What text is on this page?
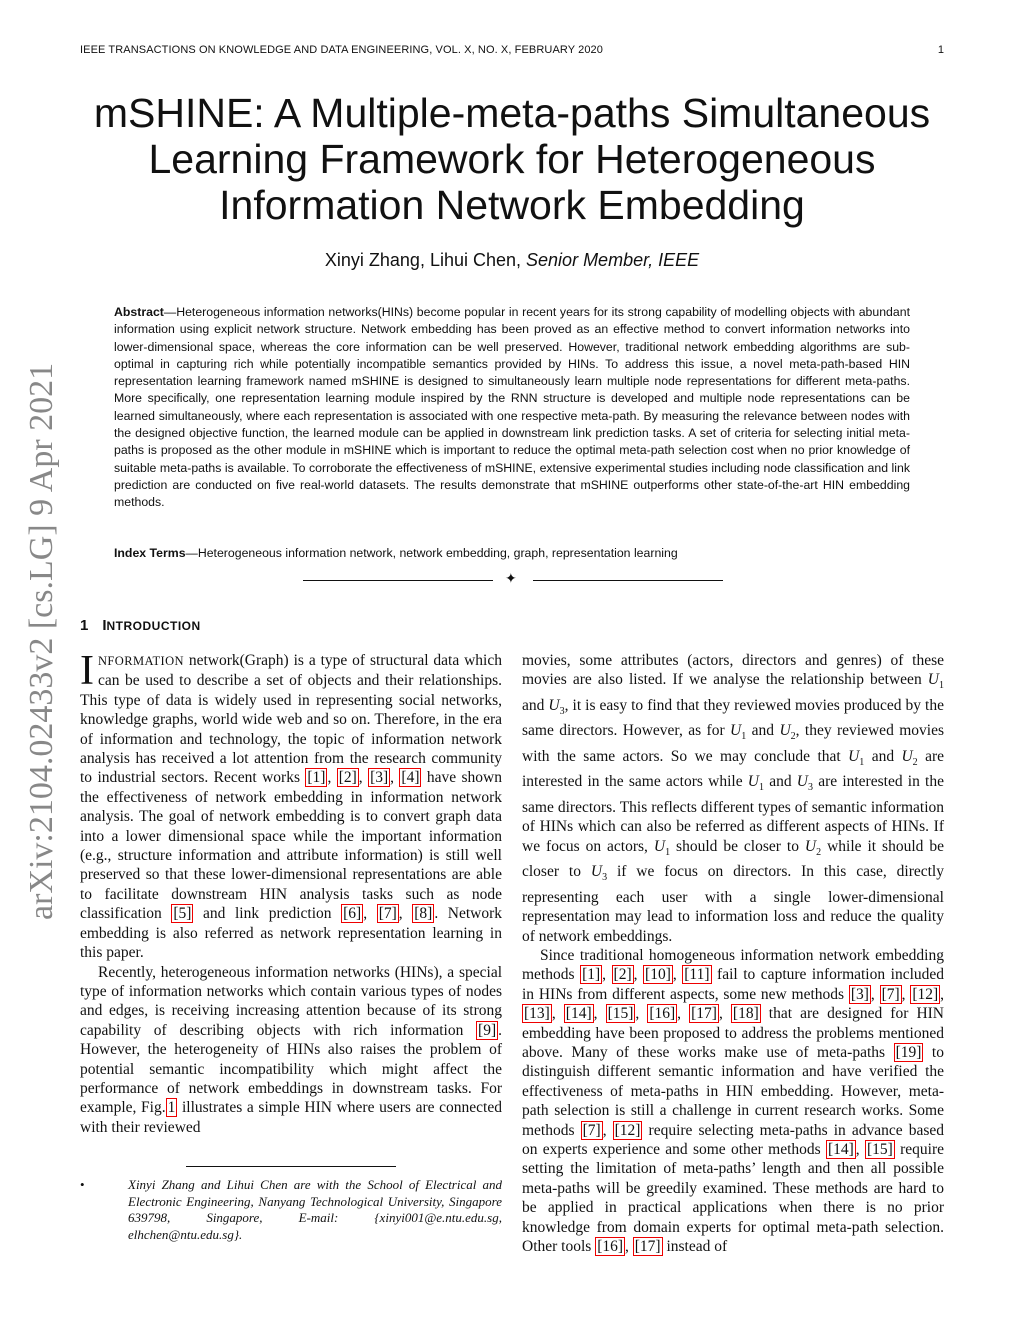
IEEE TRANSACTIONS ON KNOWLEDGE AND DATA ENGINEERING, VOL. X, NO. X, FEBRUARY 2020	1
arXiv:2104.02433v2 [cs.LG] 9 Apr 2021
mSHINE: A Multiple-meta-paths Simultaneous Learning Framework for Heterogeneous Information Network Embedding
Xinyi Zhang, Lihui Chen, Senior Member, IEEE
Abstract—Heterogeneous information networks(HINs) become popular in recent years for its strong capability of modelling objects with abundant information using explicit network structure. Network embedding has been proved as an effective method to convert information networks into lower-dimensional space, whereas the core information can be well preserved. However, traditional network embedding algorithms are sub-optimal in capturing rich while potentially incompatible semantics provided by HINs. To address this issue, a novel meta-path-based HIN representation learning framework named mSHINE is designed to simultaneously learn multiple node representations for different meta-paths. More specifically, one representation learning module inspired by the RNN structure is developed and multiple node representations can be learned simultaneously, where each representation is associated with one respective meta-path. By measuring the relevance between nodes with the designed objective function, the learned module can be applied in downstream link prediction tasks. A set of criteria for selecting initial meta-paths is proposed as the other module in mSHINE which is important to reduce the optimal meta-path selection cost when no prior knowledge of suitable meta-paths is available. To corroborate the effectiveness of mSHINE, extensive experimental studies including node classification and link prediction are conducted on five real-world datasets. The results demonstrate that mSHINE outperforms other state-of-the-art HIN embedding methods.
Index Terms—Heterogeneous information network, network embedding, graph, representation learning
✦
1 INTRODUCTION

INFORMATION network(Graph) is a type of structural data which can be used to describe a set of objects and their relationships. This type of data is widely used in representing social networks, knowledge graphs, world wide web and so on. Therefore, in the era of information and technology, the topic of information network analysis has received a lot attention from the research community to industrial sectors. Recent works [1] , [2] , [3] , [4] have shown the effectiveness of network embedding in information network analysis. The goal of network embedding is to convert graph data into a lower dimensional space while the important information (e.g., structure information and attribute information) is still well preserved so that these lower-dimensional representations are able to facilitate downstream HIN analysis tasks such as node classification [5] and link prediction [6] , [7] , [8] . Network embedding is also referred as network representation learning in this paper.

Recently, heterogeneous information networks (HINs), a special type of information networks which contain various types of nodes and edges, is receiving increasing attention because of its strong capability of describing objects with rich information [9] . However, the heterogeneity of HINs also raises the problem of potential semantic incompatibility which might affect the performance of network embeddings in downstream tasks. For example, Fig. 1 illustrates a simple HIN where users are connected with their reviewed

•	Xinyi Zhang and Lihui Chen are with the School of Electrical and Electronic Engineering, Nanyang Technological University, Singapore 639798, Singapore, E-mail: {xinyi001@e.ntu.edu.sg, elhchen@ntu.edu.sg}.

movies, some attributes (actors, directors and genres) of these movies are also listed. If we analyse the relationship between $U_1$ and $U_3$, it is easy to find that they reviewed movies produced by the same directors. However, as for $U_1$ and $U_2$, they reviewed movies with the same actors. So we may conclude that $U_1$ and $U_2$ are interested in the same actors while $U_1$ and $U_3$ are interested in the same directors. This reflects different types of semantic information of HINs which can also be referred as different aspects of HINs. If we focus on actors, $U_1$ should be closer to $U_2$ while it should be closer to $U_3$ if we focus on directors. In this case, directly representing each user with a single lower-dimensional representation may lead to information loss and reduce the quality of network embeddings.

Since traditional homogeneous information network embedding methods [1] , [2] , [10] , [11] fail to capture information included in HINs from different aspects, some new methods [3] , [7] , [12] , [13] , [14] , [15] , [16] , [17] , [18] that are designed for HIN embedding have been proposed to address the problems mentioned above. Many of these works make use of meta-paths [19] to distinguish different semantic information and have verified the effectiveness of meta-paths in HIN embedding. However, meta-path selection is still a challenge in current research works. Some methods [7] , [12] require selecting meta-paths in advance based on experts experience and some other methods [14] , [15] require setting the limitation of meta-paths’ length and then all possible meta-paths will be greedily examined. These methods are hard to be applied in practical applications when there is no prior knowledge from domain experts for optimal meta-path selection. Other tools [16] , [17] instead of
